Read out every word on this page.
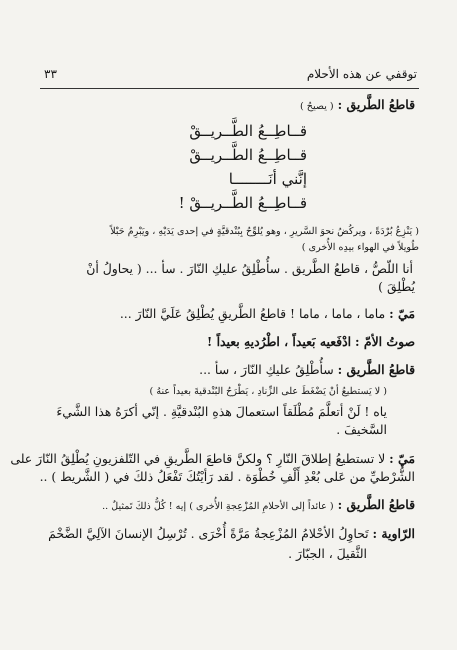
توقفي عن هذه الأحلام
٣٣
قاطعُ الطَّريق : ( يصيحُ )
قــاطِــعُ الطَّــريــقْ
قــاطِــعُ الطَّــريــقْ
إنَّني أنَــــــــا
قــاطِــعُ الطَّــريــقْ !
( يَنْزِعُ بُرْدَةً ، ويركُضُ نحوَ السَّريرِ ، وهو يُلوِّحُ بِبُنْدقيَّةٍ في إحدى يَدَيْهِ ، ويَبْرِمُ حَبْلاً
طُويلاً في الهواء بيدِه الأُخرى )
أنا اللّصُّ ، قاطعُ الطَّريق . سأُطْلِقُ عليكِ النّارَ . سأ ... ( يحاولُ أنْ
يُطْلِقَ )
مَيّ : ماما ، ماما ، ماما ! قاطعُ الطَّريقِ يُطْلِقُ عَلَيَّ النّارَ ...
صوتُ الأمّ : ادْفَعيه بَعيداً ، اطْرُديهِ بعيداً !
قاطعُ الطَّريق : سأُطْلِقُ عليكِ النّارَ ، سأ ...
( لا يَستطيعُ أنْ يَضْغَطَ على الزِّنادِ ، يَطْرَحُ البُنْدقيةَ بعيداً عنهُ )
ياه ! لَنْ أتعلَّمَ مُطْلَقاً استعمالَ هذهِ البُنْدقيَّةِ . إنّي أكرَهُ هذا الشَّيءَ
السَّخيفَ .
مَيّ : لا تستطيعُ إطلاقَ النّارِ ؟ ولكنَّ قاطعَ الطَّريقِ في التّلفزيونِ يُطْلِقُ النّارَ على
الشُّرْطيِّ من عَلى بُعْدِ أَلْفِ خُطْوَة . لقد رَأيْتُكَ تَفْعَلُ ذلكَ في ( الشَّريط ) ..
قاطعُ الطَّريق : ( عائداً إلى الأحلامِ المُزْعِجةِ الأُخرى ) إيه ! كُلُّ ذلكَ تَمثيلٌ ..
الرّاوية : تَحاوِلُ الأحْلامُ المُزْعِجةُ مَرَّةً أُخْرَى . تُرْسِلُ الإنسانَ الآلِيَّ الضَّخْمَ
الثَّقيلَ ، الجبّارَ .
